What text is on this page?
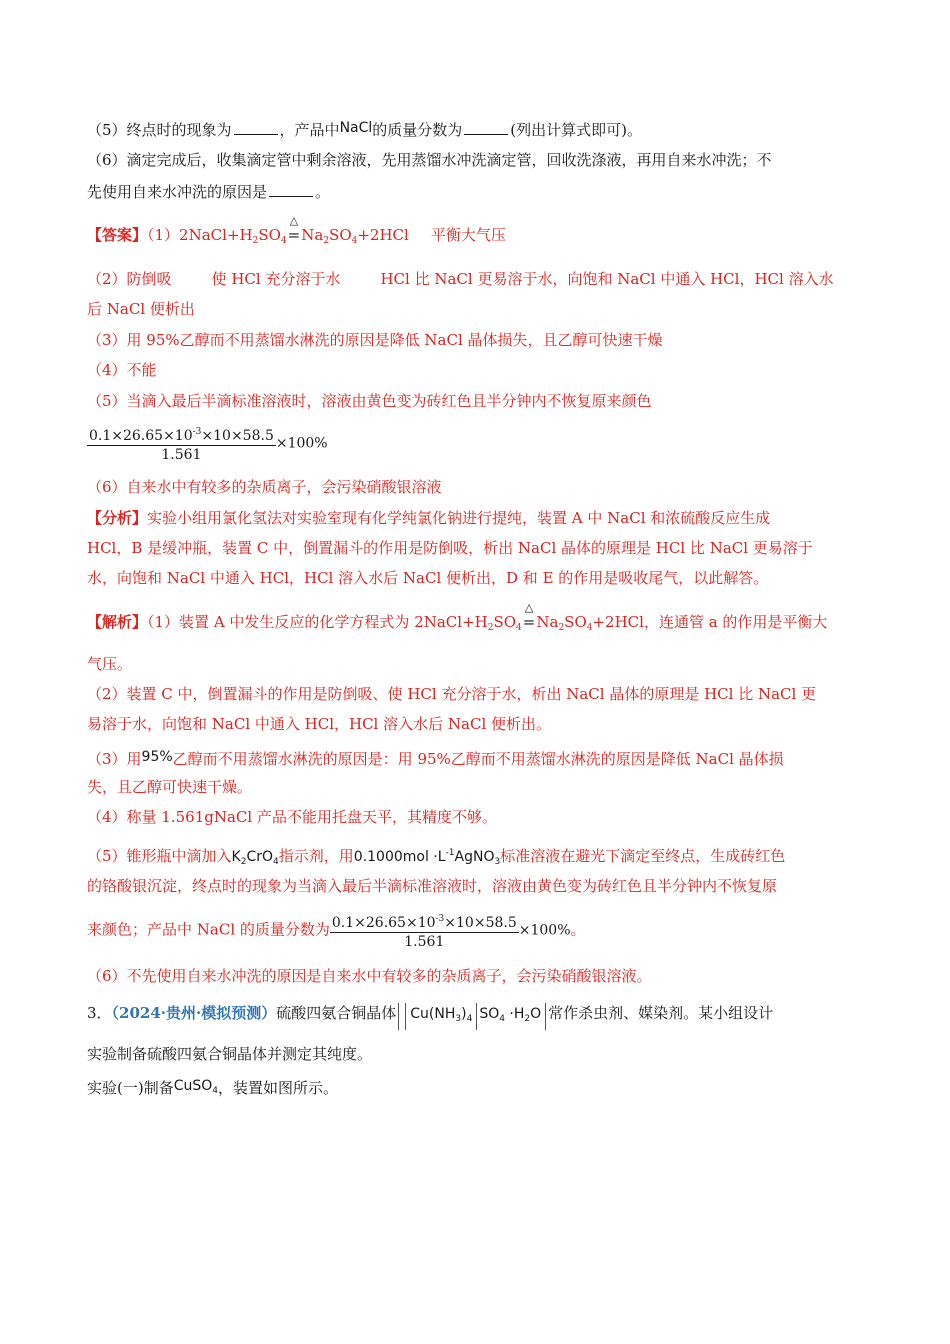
（5）终点时的现象为	，产品中NaCl的质量分数为	(列出计算式即可)。
（6）滴定完成后，收集滴定管中剩余溶液，先用蒸馏水冲洗滴定管，回收洗涤液，再用自来水冲洗；不
先使用自来水冲洗的原因是	。
【答案】$(1)2NaCl+H_2SO_4$
△
$=Na_2SO_4+2HCl$ 平衡大气压
（2）防倒吸	使 HCl 充分溶于水	HCl 比 NaCl 更易溶于水，向饱和 NaCl 中通入 HCl，HCl 溶入水
后 NaCl 便析出
（3）用 95%乙醇而不用蒸馏水淋洗的原因是降低 NaCl 晶体损失，且乙醇可快速干燥
（4）不能
（5）当滴入最后半滴标准溶液时，溶液由黄色变为砖红色且半分钟内不恢复原来颜色
$\frac{0.1\times 26.65\times 10^{-3}\times 10\times 58.5}{1.561} \times 100\%$
（6）自来水中有较多的杂质离子，会污染硝酸银溶液
【分析】实验小组用氯化氢法对实验室现有化学纯氯化钠进行提纯，装置 A 中 NaCl 和浓硫酸反应生成
HCl，B 是缓冲瓶，装置 C 中，倒置漏斗的作用是防倒吸，析出 NaCl 晶体的原理是 HCl 比 NaCl 更易溶于
水，向饱和 NaCl 中通入 HCl，HCl 溶入水后 NaCl 便析出，D 和 E 的作用是吸收尾气，以此解答。
【解析】（1）装置 A 中发生反应的化学方程式为 $2NaCl+H_2SO_4$
△
$=Na_2SO_4+2HCl$，连通管 a 的作用是平衡大
气压。
（2）装置 C 中，倒置漏斗的作用是防倒吸、使 HCl 充分溶于水，析出 NaCl 晶体的原理是 HCl 比 NaCl 更
易溶于水，向饱和 NaCl 中通入 HCl，HCl 溶入水后 NaCl 便析出。
（3）用95%乙醇而不用蒸馏水淋洗的原因是：用 95%乙醇而不用蒸馏水淋洗的原因是降低 NaCl 晶体损
失，且乙醇可快速干燥。
（4）称量 1.561gNaCl 产品不能用托盘天平，其精度不够。
（5）锥形瓶中滴加入$K_2CrO_4$指示剂，用$0.1000mol \cdot L^{-1}AgNO_3$标准溶液在避光下滴定至终点，生成砖红色
的铬酸银沉淀，终点时的现象为当滴入最后半滴标准溶液时，溶液由黄色变为砖红色且半分钟内不恢复原
来颜色；产品中 NaCl 的质量分数为 $\frac{0.1\times 26.65\times 10^{-3}\times 10\times 58.5}{1.561} \times 100\%$。
（6）不先使用自来水冲洗的原因是自来水中有较多的杂质离子，会污染硝酸银溶液。
3．（2024·贵州·模拟预测）硫酸四氨合铜晶体 $Cu(NH_3)_4$ $SO_4 \cdot H_2O$ 常作杀虫剂、媒染剂。某小组设计
实验制备硫酸四氨合铜晶体并测定其纯度。
实验(一)制备CuSO$_4$，装置如图所示。
